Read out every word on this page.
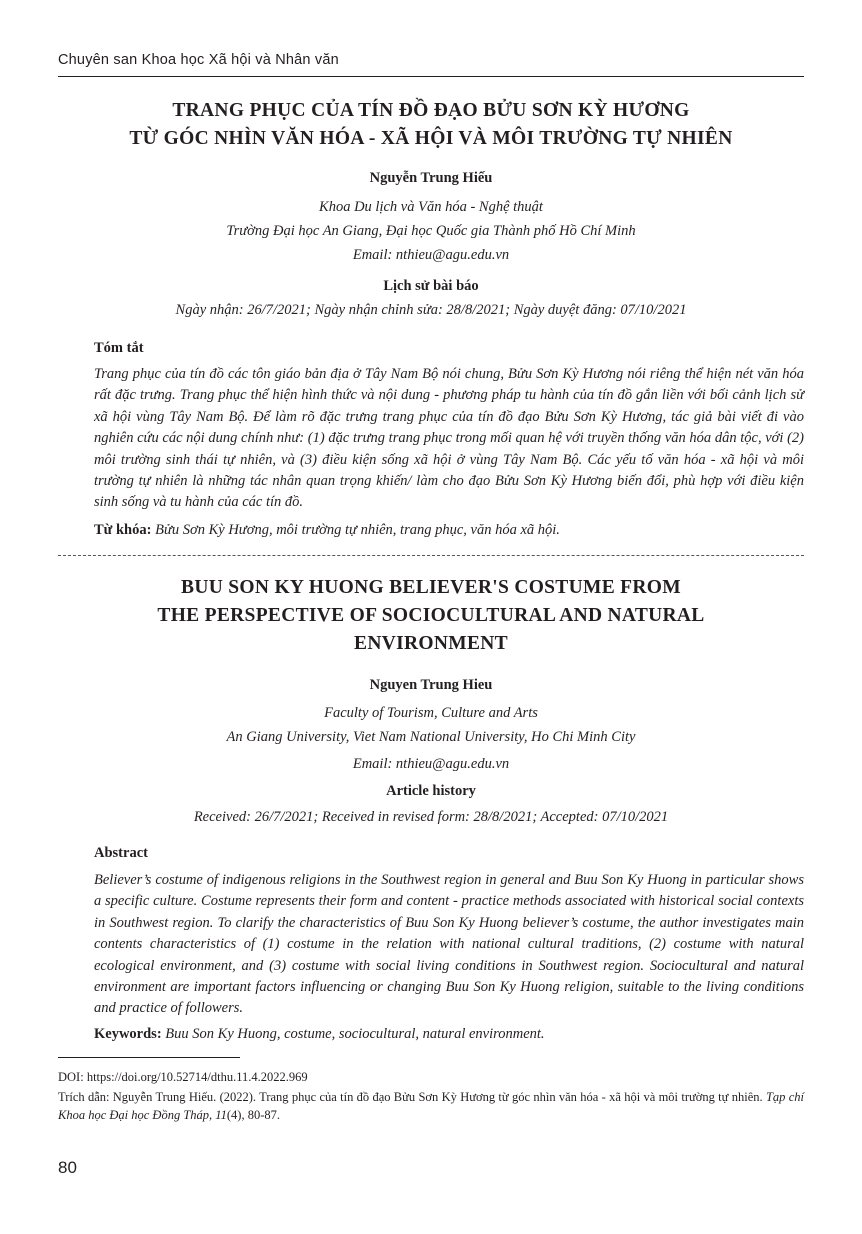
Chuyên san Khoa học Xã hội và Nhân văn
TRANG PHỤC CỦA TÍN ĐỒ ĐẠO BỬU SƠN KỲ HƯƠNG
TỪ GÓC NHÌN VĂN HÓA - XÃ HỘI VÀ MÔI TRƯỜNG TỰ NHIÊN
Nguyễn Trung Hiếu
Khoa Du lịch và Văn hóa - Nghệ thuật
Trường Đại học An Giang, Đại học Quốc gia Thành phố Hồ Chí Minh
Email: nthieu@agu.edu.vn
Lịch sử bài báo
Ngày nhận: 26/7/2021; Ngày nhận chỉnh sửa: 28/8/2021; Ngày duyệt đăng: 07/10/2021
Tóm tắt

Trang phục của tín đồ các tôn giáo bản địa ở Tây Nam Bộ nói chung, Bửu Sơn Kỳ Hương nói riêng thể hiện nét văn hóa rất đặc trưng. Trang phục thể hiện hình thức và nội dung - phương pháp tu hành của tín đồ gắn liền với bối cảnh lịch sử xã hội vùng Tây Nam Bộ. Để làm rõ đặc trưng trang phục của tín đồ đạo Bửu Sơn Kỳ Hương, tác giả bài viết đi vào nghiên cứu các nội dung chính như: (1) đặc trưng trang phục trong mối quan hệ với truyền thống văn hóa dân tộc, với (2) môi trường sinh thái tự nhiên, và (3) điều kiện sống xã hội ở vùng Tây Nam Bộ. Các yếu tố văn hóa - xã hội và môi trường tự nhiên là những tác nhân quan trọng khiến/ làm cho đạo Bửu Sơn Kỳ Hương biến đổi, phù hợp với điều kiện sinh sống và tu hành của các tín đồ.

Từ khóa: Bửu Sơn Kỳ Hương, môi trường tự nhiên, trang phục, văn hóa xã hội.
BUU SON KY HUONG BELIEVER'S COSTUME FROM
THE PERSPECTIVE OF SOCIOCULTURAL AND NATURAL
ENVIRONMENT
Nguyen Trung Hieu
Faculty of Tourism, Culture and Arts
An Giang University, Viet Nam National University, Ho Chi Minh City
Email: nthieu@agu.edu.vn
Article history
Received: 26/7/2021; Received in revised form: 28/8/2021; Accepted: 07/10/2021
Abstract

Believer’s costume of indigenous religions in the Southwest region in general and Buu Son Ky Huong in particular shows a specific culture. Costume represents their form and content - practice methods associated with historical social contexts in Southwest region. To clarify the characteristics of Buu Son Ky Huong believer’s costume, the author investigates main contents characteristics of (1) costume in the relation with national cultural traditions, (2) costume with natural ecological environment, and (3) costume with social living conditions in Southwest region. Sociocultural and natural environment are important factors influencing or changing Buu Son Ky Huong religion, suitable to the living conditions and practice of followers.

Keywords: Buu Son Ky Huong, costume, sociocultural, natural environment.
DOI: https://doi.org/10.52714/dthu.11.4.2022.969
Trích dẫn: Nguyễn Trung Hiếu. (2022). Trang phục của tín đồ đạo Bửu Sơn Kỳ Hương từ góc nhìn văn hóa - xã hội và môi trường tự nhiên. Tạp chí Khoa học Đại học Đồng Tháp, 11(4), 80-87.
80
